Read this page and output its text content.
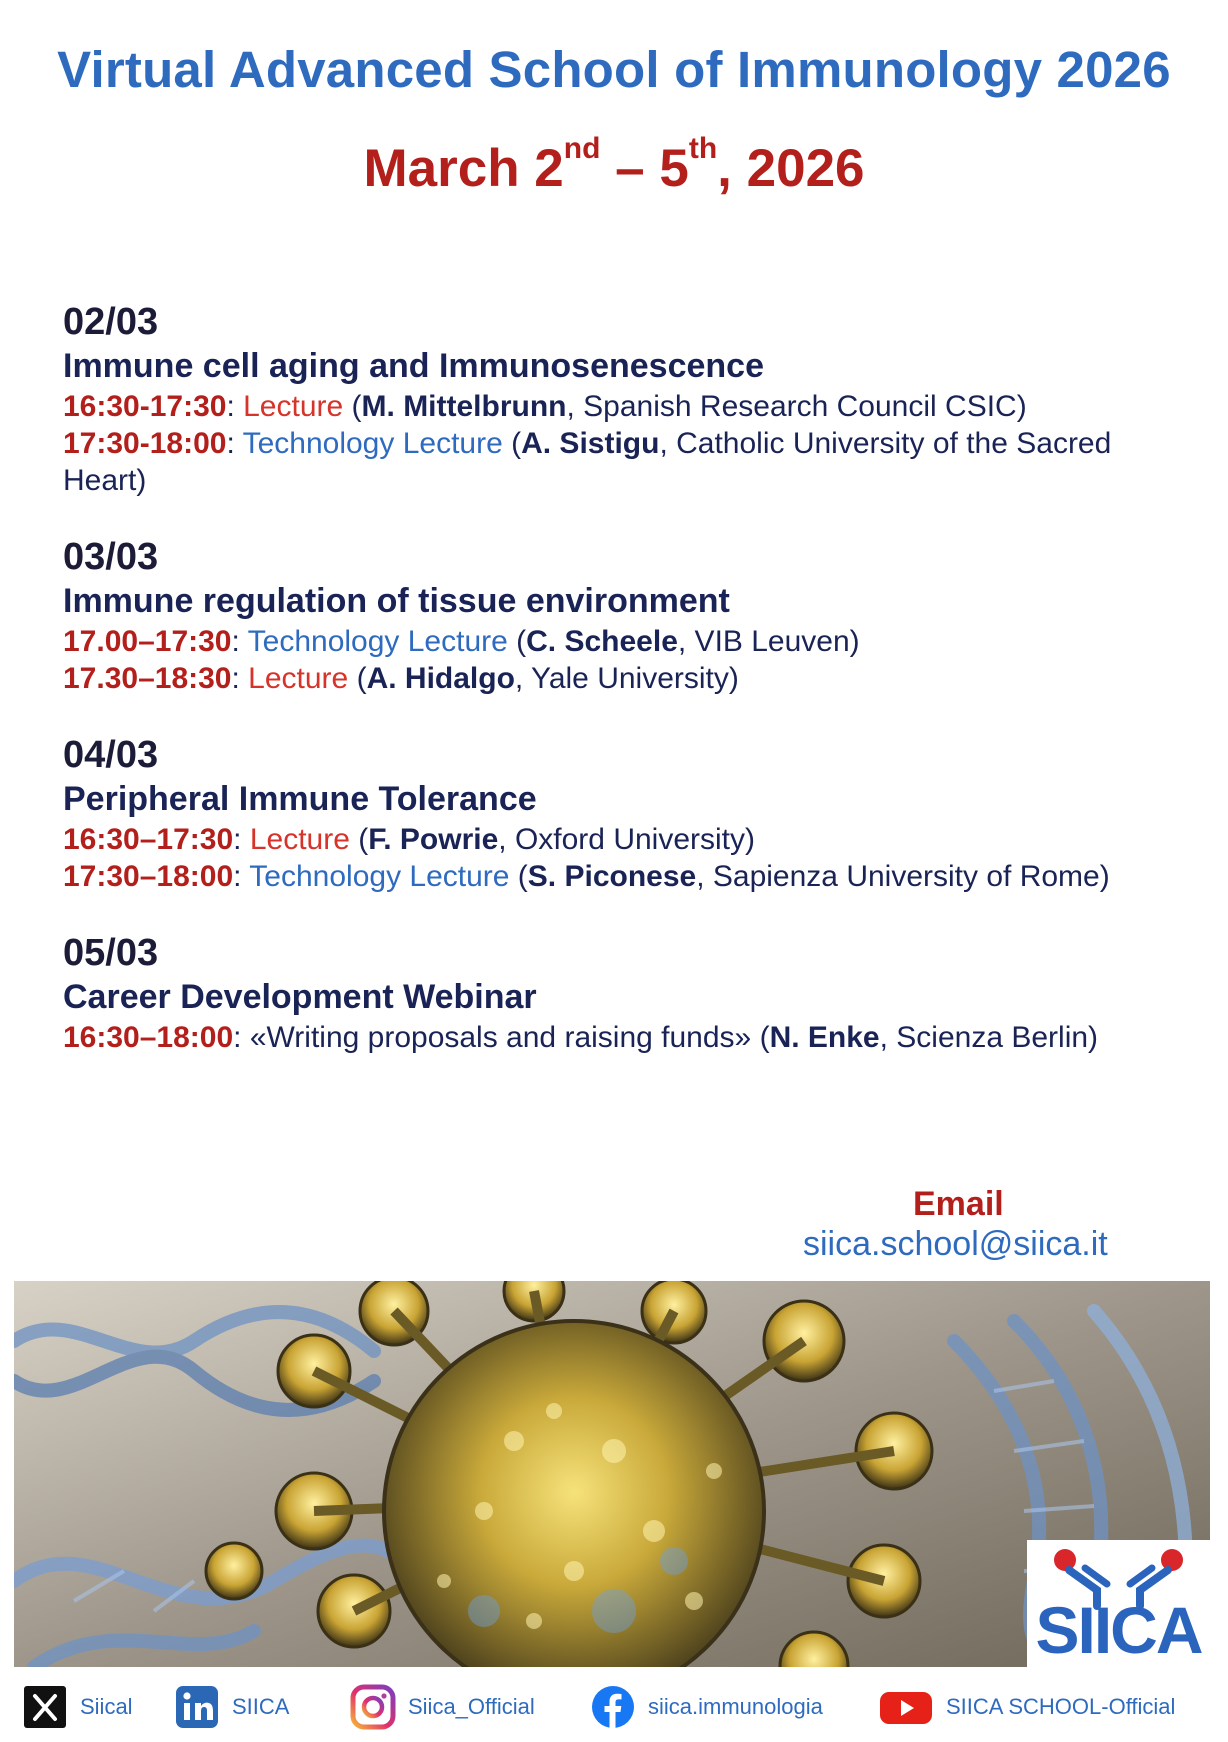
Virtual Advanced School of Immunology 2026
March 2nd – 5th, 2026
02/03
Immune cell aging and Immunosenescence
16:30-17:30: Lecture (M. Mittelbrunn, Spanish Research Council CSIC)
17:30-18:00: Technology Lecture (A. Sistigu, Catholic University of the Sacred Heart)
03/03
Immune regulation of tissue environment
17.00–17:30: Technology Lecture (C. Scheele, VIB Leuven)
17.30–18:30: Lecture (A. Hidalgo, Yale University)
04/03
Peripheral Immune Tolerance
16:30–17:30: Lecture (F. Powrie, Oxford University)
17:30–18:00: Technology Lecture (S. Piconese, Sapienza University of Rome)
05/03
Career Development Webinar
16:30–18:00: «Writing proposals and raising funds» (N. Enke, Scienza Berlin)
Email
siica.school@siica.it
SIICA
Siical	SIICA	Siica_Official	siica.immunologia	SIICA SCHOOL-Official
